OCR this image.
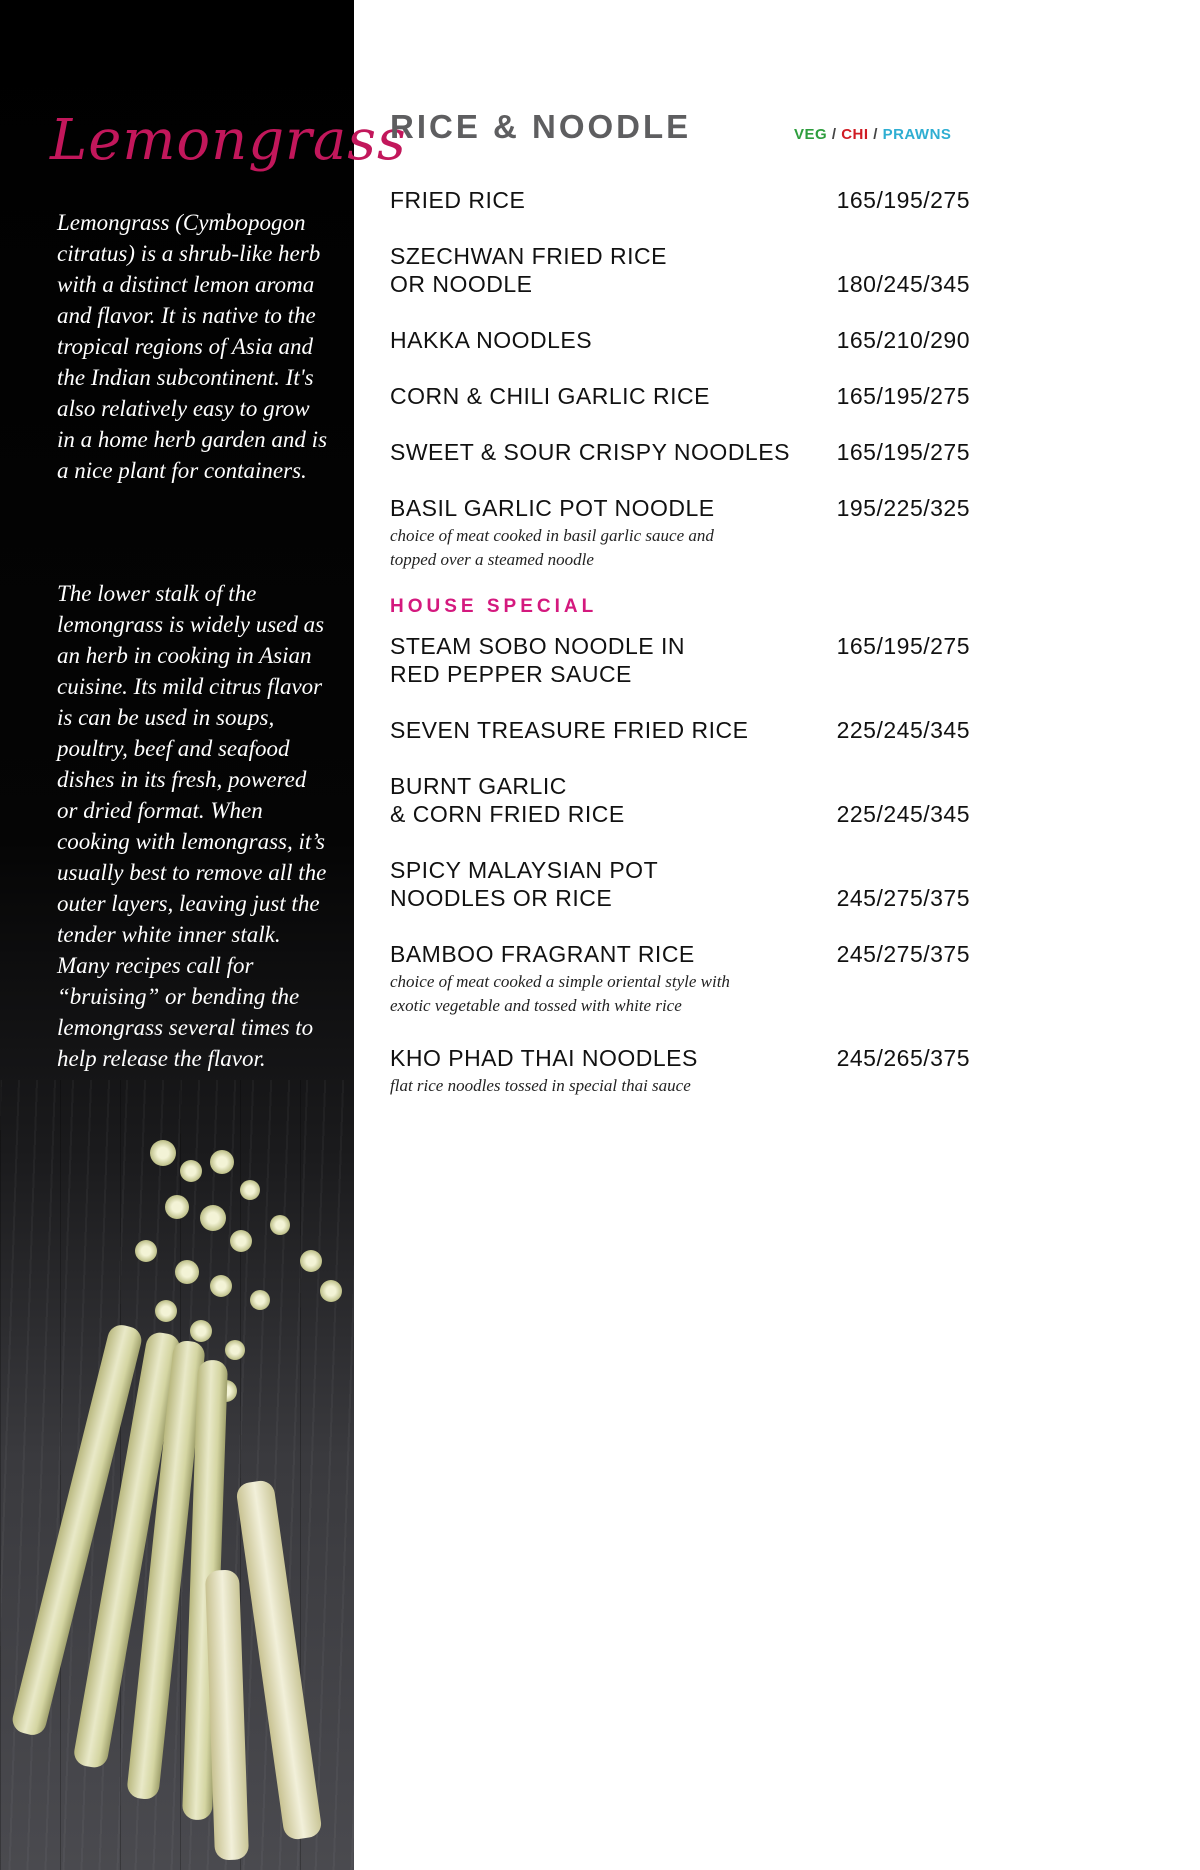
Lemongrass

Lemongrass (Cymbopogon citratus) is a shrub-like herb with a distinct lemon aroma and flavor. It is native to the tropical regions of Asia and the Indian subcontinent. It's also relatively easy to grow in a home herb garden and is a nice plant for containers.

The lower stalk of the lemongrass is widely used as an herb in cooking in Asian cuisine. Its mild citrus flavor is can be used in soups, poultry, beef and seafood dishes in its fresh, powered or dried format. When cooking with lemongrass, it’s usually best to remove all the outer layers, leaving just the tender white inner stalk. Many recipes call for “bruising” or bending the lemongrass several times to help release the flavor.

RICE & NOODLE	VEG / CHI / PRAWNS
165/195/275
FRIED RICE
180/245/345
SZECHWAN FRIED RICE
OR NOODLE
165/210/290
HAKKA NOODLES
165/195/275
CORN & CHILI GARLIC RICE
165/195/275
SWEET & SOUR CRISPY NOODLES
195/225/325
BASIL GARLIC POT NOODLE
choice of meat cooked in basil garlic sauce and
topped over a steamed noodle
HOUSE SPECIAL
165/195/275
STEAM SOBO NOODLE IN
RED PEPPER SAUCE
225/245/345
SEVEN TREASURE FRIED RICE
225/245/345
BURNT GARLIC
& CORN FRIED RICE
245/275/375
SPICY MALAYSIAN POT
NOODLES OR RICE
245/275/375
BAMBOO FRAGRANT RICE
choice of meat cooked a simple oriental style with
exotic vegetable and tossed with white rice
245/265/375
KHO PHAD THAI NOODLES
flat rice noodles tossed in special thai sauce
